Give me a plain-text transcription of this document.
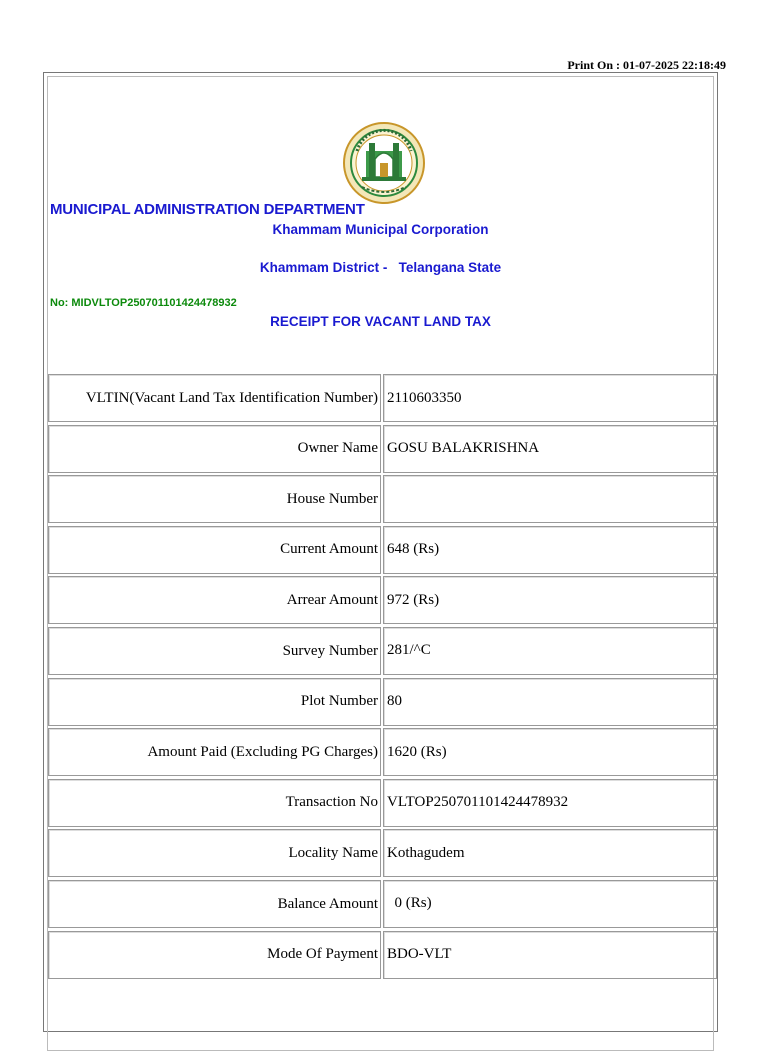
Print On : 01-07-2025 22:18:49
MUNICIPAL ADMINISTRATION DEPARTMENT
Khammam Municipal Corporation
Khammam District -   Telangana State
No: MIDVLTOP250701101424478932
RECEIPT FOR VACANT LAND TAX
VLTIN(Vacant Land Tax Identification Number) 2110603350
Owner Name GOSU BALAKRISHNA
House Number
Current Amount 648 (Rs)
Arrear Amount 972 (Rs)
Survey Number 281/^C
Plot Number 80
Amount Paid (Excluding PG Charges) 1620 (Rs)
Transaction No VLTOP250701101424478932
Locality Name Kothagudem
Balance Amount 0 (Rs)
Mode Of Payment BDO-VLT
